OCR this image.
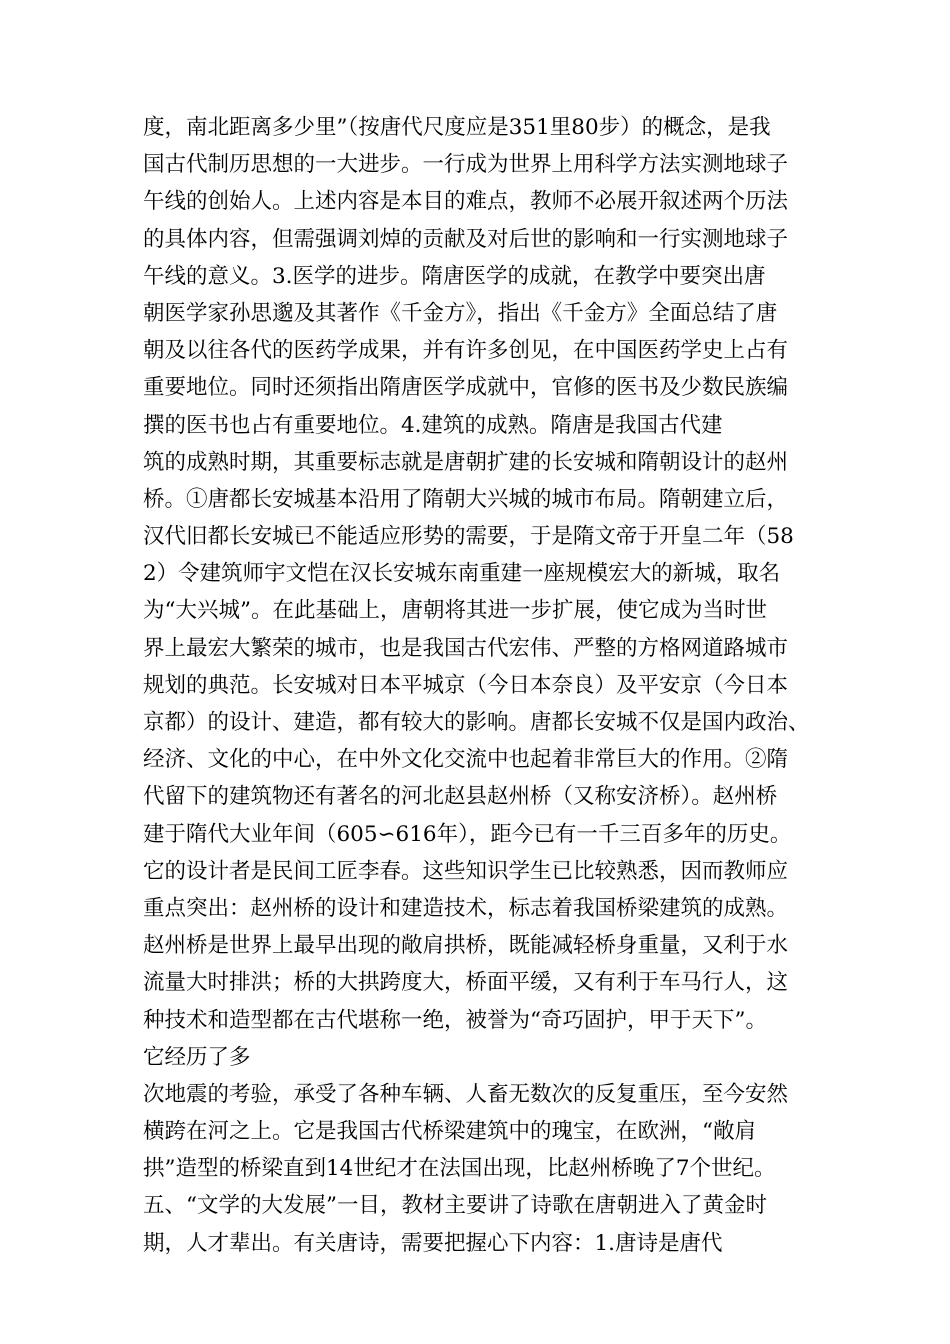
度，南北距离多少里”（按唐代尺度应是351里80步）的概念，是我
国古代制历思想的一大进步。一行成为世界上用科学方法实测地球子
午线的创始人。上述内容是本目的难点，教师不必展开叙述两个历法
的具体内容，但需强调刘焯的贡献及对后世的影响和一行实测地球子
午线的意义。3.医学的进步。隋唐医学的成就，在教学中要突出唐
朝医学家孙思邈及其著作《千金方》，指出《千金方》全面总结了唐
朝及以往各代的医药学成果，并有许多创见，在中国医药学史上占有
重要地位。同时还须指出隋唐医学成就中，官修的医书及少数民族编
撰的医书也占有重要地位。4.建筑的成熟。隋唐是我国古代建
筑的成熟时期，其重要标志就是唐朝扩建的长安城和隋朝设计的赵州
桥。①唐都长安城基本沿用了隋朝大兴城的城市布局。隋朝建立后，
汉代旧都长安城已不能适应形势的需要，于是隋文帝于开皇二年（58
2）令建筑师宇文恺在汉长安城东南重建一座规模宏大的新城，取名
为“大兴城”。在此基础上，唐朝将其进一步扩展，使它成为当时世
界上最宏大繁荣的城市，也是我国古代宏伟、严整的方格网道路城市
规划的典范。长安城对日本平城京（今日本奈良）及平安京（今日本
京都）的设计、建造，都有较大的影响。唐都长安城不仅是国内政治、
经济、文化的中心，在中外文化交流中也起着非常巨大的作用。②隋
代留下的建筑物还有著名的河北赵县赵州桥（又称安济桥）。赵州桥
建于隋代大业年间（605∽616年），距今已有一千三百多年的历史。
它的设计者是民间工匠李春。这些知识学生已比较熟悉，因而教师应
重点突出：赵州桥的设计和建造技术，标志着我国桥梁建筑的成熟。
赵州桥是世界上最早出现的敞肩拱桥，既能减轻桥身重量，又利于水
流量大时排洪；桥的大拱跨度大，桥面平缓，又有利于车马行人，这
种技术和造型都在古代堪称一绝，被誉为“奇巧固护，甲于天下”。
它经历了多
次地震的考验，承受了各种车辆、人畜无数次的反复重压，至今安然
横跨在河之上。它是我国古代桥梁建筑中的瑰宝，在欧洲，“敞肩
拱”造型的桥梁直到14世纪才在法国出现，比赵州桥晚了7个世纪。
五、“文学的大发展”一目，教材主要讲了诗歌在唐朝进入了黄金时
期，人才辈出。有关唐诗，需要把握心下内容：1.唐诗是唐代
